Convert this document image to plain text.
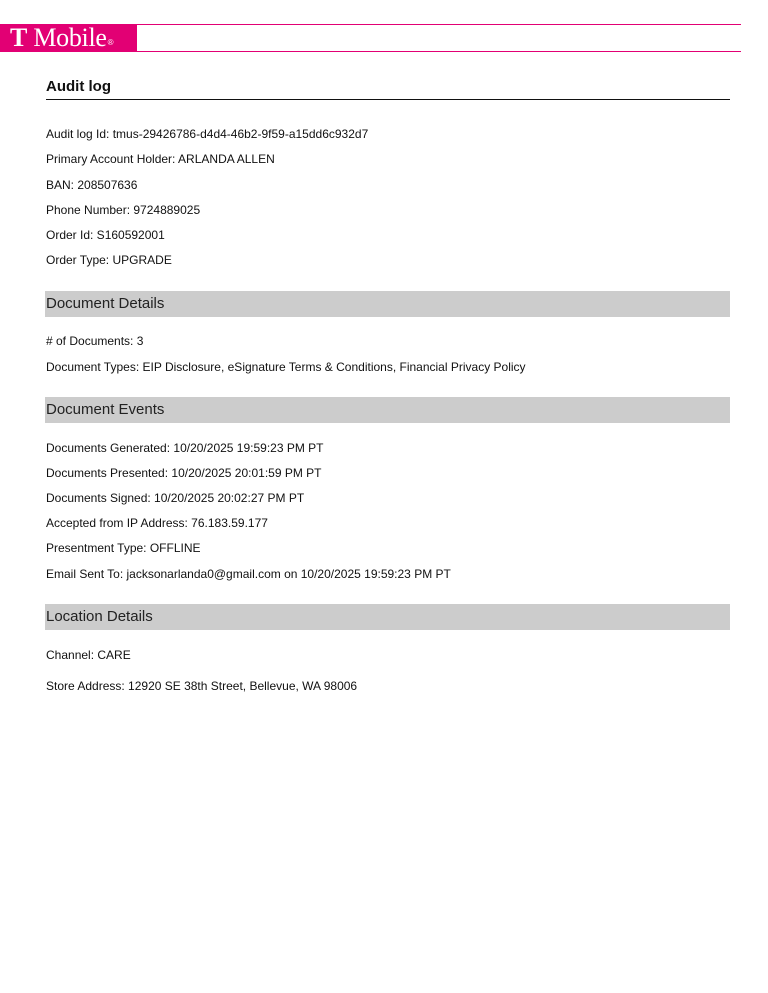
T Mobile ®
Audit log
Audit log Id: tmus-29426786-d4d4-46b2-9f59-a15dd6c932d7
Primary Account Holder: ARLANDA ALLEN
BAN: 208507636
Phone Number: 9724889025
Order Id: S160592001
Order Type: UPGRADE
Document Details
# of Documents: 3
Document Types: EIP Disclosure, eSignature Terms & Conditions, Financial Privacy Policy
Document Events
Documents Generated: 10/20/2025 19:59:23 PM PT
Documents Presented: 10/20/2025 20:01:59 PM PT
Documents Signed: 10/20/2025 20:02:27 PM PT
Accepted from IP Address: 76.183.59.177
Presentment Type: OFFLINE
Email Sent To: jacksonarlanda0@gmail.com on 10/20/2025 19:59:23 PM PT
Location Details
Channel: CARE
Store Address: 12920 SE 38th Street, Bellevue, WA 98006
